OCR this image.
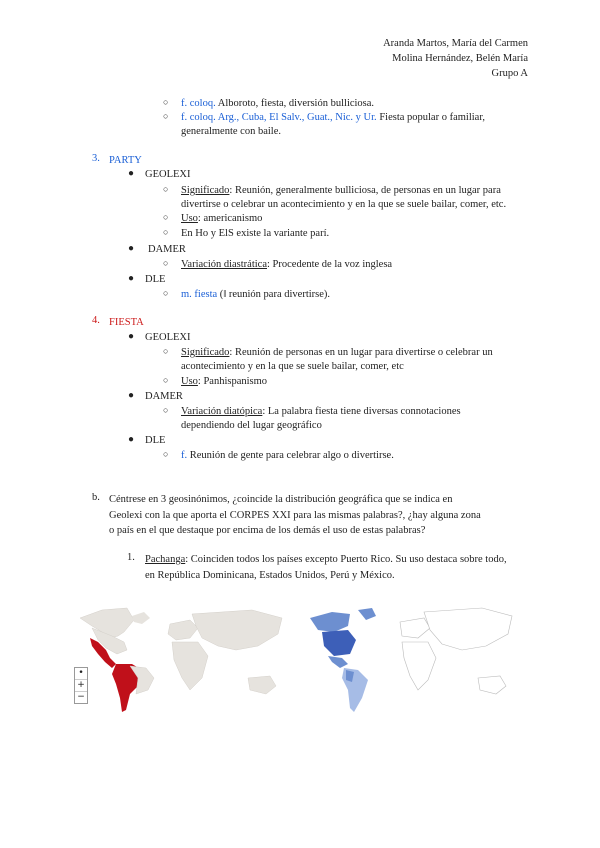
Aranda Martos, María del Carmen
Molina Hernández, Belén María
Grupo A
○ f. coloq. Alboroto, fiesta, diversión bulliciosa.
○ f. coloq. Arg., Cuba, El Salv., Guat., Nic. y Ur. Fiesta popular o familiar,
generalmente con baile.
3. PARTY
● GEOLEXI
○ Significado: Reunión, generalmente bulliciosa, de personas en un lugar para
divertirse o celebrar un acontecimiento y en la que se suele bailar, comer, etc.
○ Uso: americanismo
○ En Ho y ElS existe la variante parí.
● DAMER
○ Variación diastrática: Procedente de la voz inglesa
● DLE
○ m. fiesta (‖ reunión para divertirse).
4. FIESTA
● GEOLEXI
○ Significado: Reunión de personas en un lugar para divertirse o celebrar un
acontecimiento y en la que se suele bailar, comer, etc
○ Uso: Panhispanismo
● DAMER
○ Variación diatópica: La palabra fiesta tiene diversas connotaciones
dependiendo del lugar geográfico
● DLE
○ f. Reunión de gente para celebrar algo o divertirse.
b. Céntrese en 3 geosinónimos, ¿coincide la distribución geográfica que se indica en
Geolexi con la que aporta el CORPES XXI para las mismas palabras?, ¿hay alguna zona
o país en el que destaque por encima de los demás el uso de estas palabras?
1. Pachanga: Coinciden todos los países excepto Puerto Rico. Su uso destaca sobre todo,
en República Dominicana, Estados Unidos, Perú y México.
•
+
−
